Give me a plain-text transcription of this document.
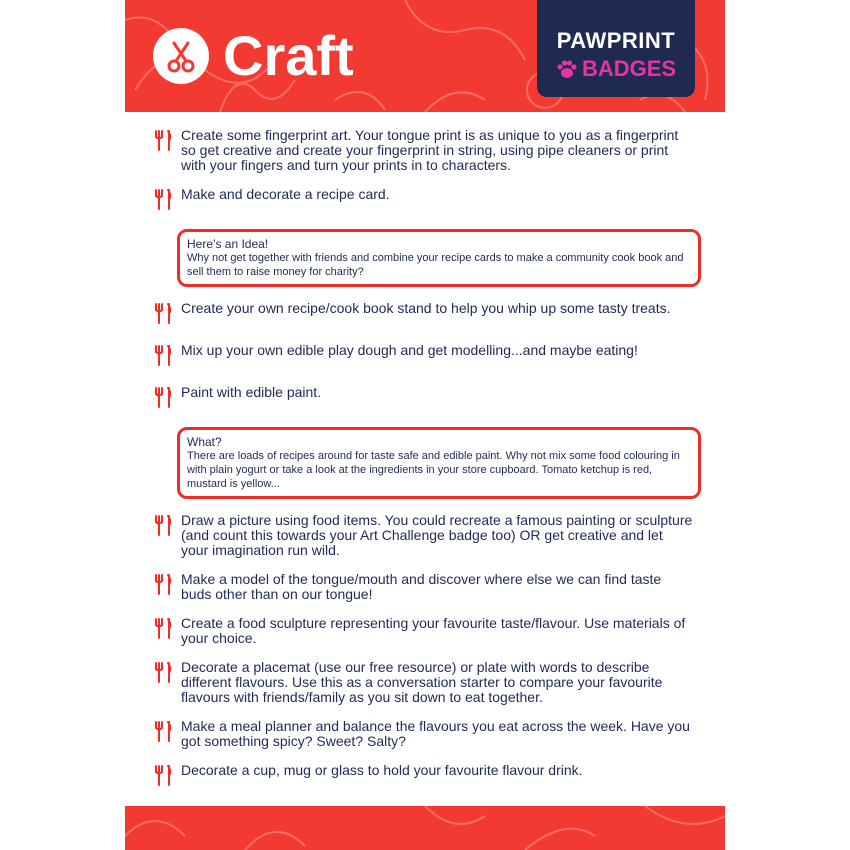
Craft	PAWPRINT
BADGES
Create some fingerprint art. Your tongue print is as unique to you as a fingerprint so get creative and create your fingerprint in string, using pipe cleaners or print with your fingers and turn your prints in to characters.
Make and decorate a recipe card.
Here’s an Idea!
Why not get together with friends and combine your recipe cards to make a community cook book and sell them to raise money for charity?
Create your own recipe/cook book stand to help you whip up some tasty treats.
Mix up your own edible play dough and get modelling...and maybe eating!
Paint with edible paint.
What?
There are loads of recipes around for taste safe and edible paint. Why not mix some food colouring in with plain yogurt or take a look at the ingredients in your store cupboard. Tomato ketchup is red, mustard is yellow...
Draw a picture using food items. You could recreate a famous painting or sculpture (and count this towards your Art Challenge badge too) OR get creative and let your imagination run wild.
Make a model of the tongue/mouth and discover where else we can find taste buds other than on our tongue!
Create a food sculpture representing your favourite taste/flavour. Use materials of your choice.
Decorate a placemat (use our free resource) or plate with words to describe different flavours. Use this as a conversation starter to compare your favourite flavours with friends/family as you sit down to eat together.
Make a meal planner and balance the flavours you eat across the week. Have you got something spicy? Sweet? Salty?
Decorate a cup, mug or glass to hold your favourite flavour drink.
